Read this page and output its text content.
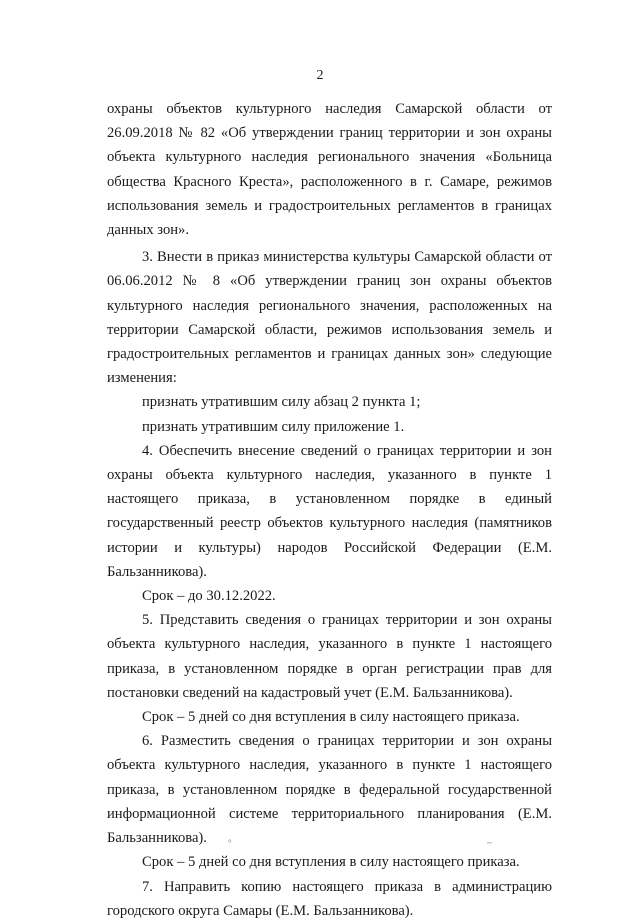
2

охраны объектов культурного наследия Самарской области от 26.09.2018 № 82 «Об утверждении границ территории и зон охраны объекта культурного наследия регионального значения «Больница общества Красного Креста», расположенного в г. Самаре, режимов использования земель и градостроительных регламентов в границах данных зон».

3. Внести в приказ министерства культуры Самарской области от 06.06.2012 № 8 «Об утверждении границ зон охраны объектов культурного наследия регионального значения, расположенных на территории Самарской области, режимов использования земель и градостроительных регламентов и границах данных зон» следующие изменения:

признать утратившим силу абзац 2 пункта 1;

признать утратившим силу приложение 1.

4. Обеспечить внесение сведений о границах территории и зон охраны объекта культурного наследия, указанного в пункте 1 настоящего приказа, в установленном порядке в единый государственный реестр объектов культурного наследия (памятников истории и культуры) народов Российской Федерации (Е.М. Бальзанникова).

Срок – до 30.12.2022.

5. Представить сведения о границах территории и зон охраны объекта культурного наследия, указанного в пункте 1 настоящего приказа, в установленном порядке в орган регистрации прав для постановки сведений на кадастровый учет (Е.М. Бальзанникова).

Срок – 5 дней со дня вступления в силу настоящего приказа.

6. Разместить сведения о границах территории и зон охраны объекта культурного наследия, указанного в пункте 1 настоящего приказа, в установленном порядке в федеральной государственной информационной системе территориального планирования (Е.М. Бальзанникова).

Срок – 5 дней со дня вступления в силу настоящего приказа.

7. Направить копию настоящего приказа в администрацию городского округа Самары (Е.М. Бальзанникова).

°	~
